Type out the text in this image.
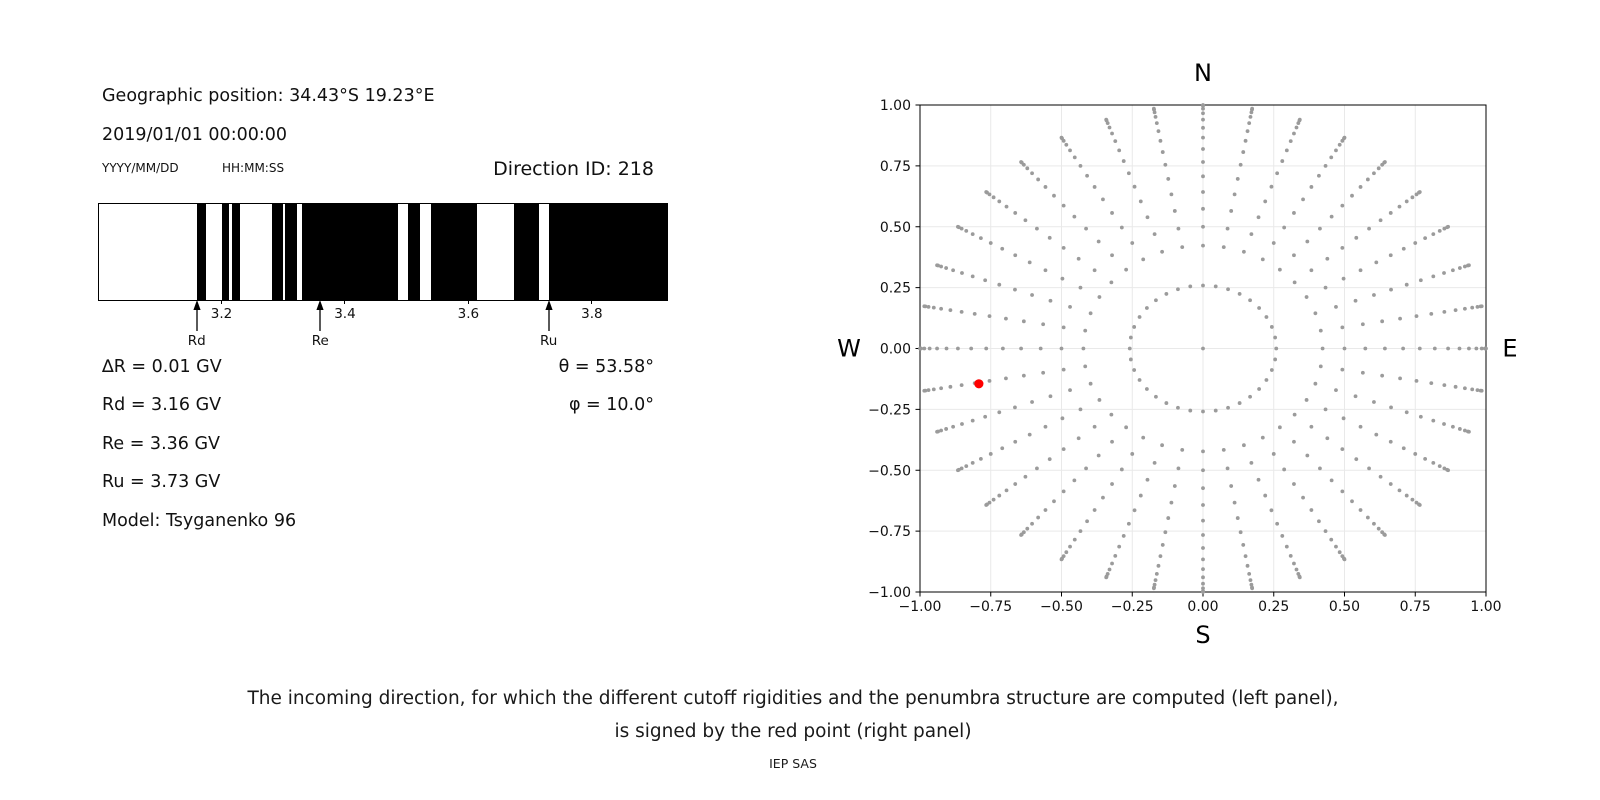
Geographic position: 34.43°S 19.23°E
2019/01/01 00:00:00
YYYY/MM/DD	HH:MM:SS	Direction ID: 218
3.2	3.4	3.6	3.8
Rd	Re	Ru
∆R = 0.01 GV
Rd = 3.16 GV
Re = 3.36 GV
Ru = 3.73 GV
Model: Tsyganenko 96
θ = 53.58°
φ = 10.0°
−1.00
−1.00
−0.75
−0.75
−0.50
−0.50
−0.25
−0.25
0.00
0.00
0.25
0.25
0.50
0.50
0.75
0.75
1.00
1.00
N
S
W	E
The incoming direction, for which the different cutoff rigidities and the penumbra structure are computed (left panel),
is signed by the red point (right panel)
IEP SAS
